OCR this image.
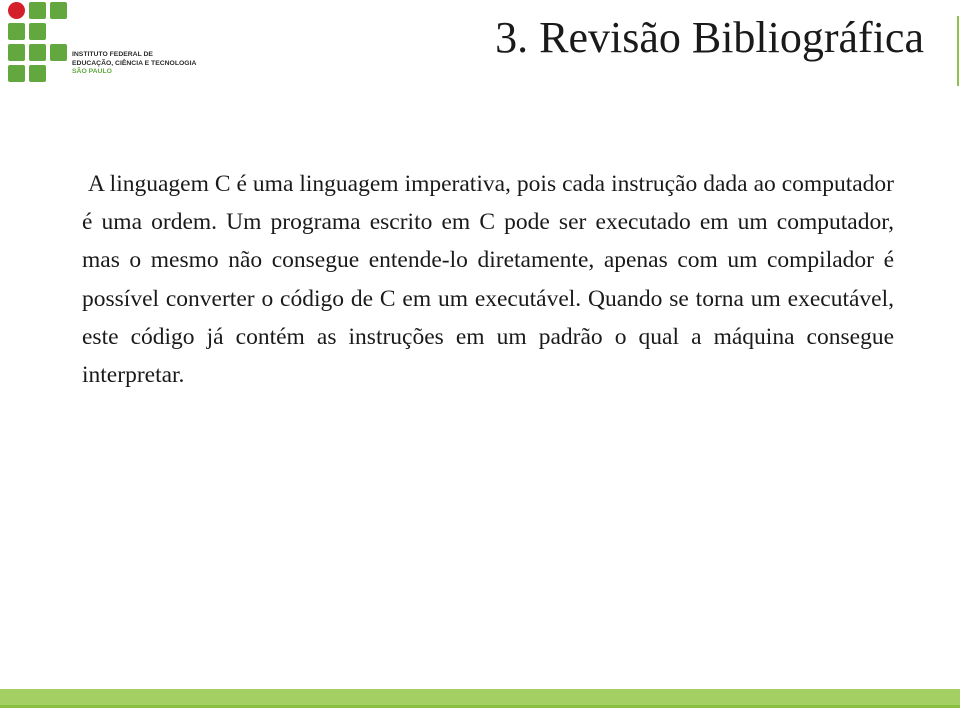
INSTITUTO FEDERAL DE
EDUCAÇÃO, CIÊNCIA E TECNOLOGIA
SÃO PAULO
3. Revisão Bibliográfica
A linguagem C é uma linguagem imperativa, pois cada instrução dada ao computador é uma ordem. Um programa escrito em C pode ser executado em um computador, mas o mesmo não consegue entende-lo diretamente, apenas com um compilador é possível converter o código de C em um executável. Quando se torna um executável, este código já contém as instruções em um padrão o qual a máquina consegue interpretar.
